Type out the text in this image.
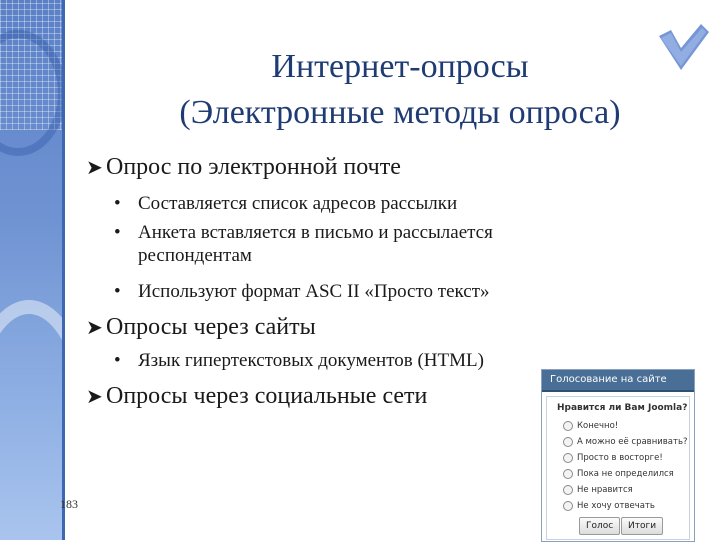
Интернет-опросы
(Электронные методы опроса)
➤ Опрос по электронной почте
• Составляется список адресов рассылки
• Анкета вставляется в письмо и рассылается респондентам
• Используют формат ASC II «Просто текст»
➤ Опросы через сайты
• Язык гипертекстовых документов (HTML)
➤ Опросы через социальные сети
Голосование на сайте
Нравится ли Вам Joomla?
Конечно!
А можно её сравнивать?
Просто в восторге!
Пока не определился
Не нравится
Не хочу отвечать
Голос	Итоги
183
